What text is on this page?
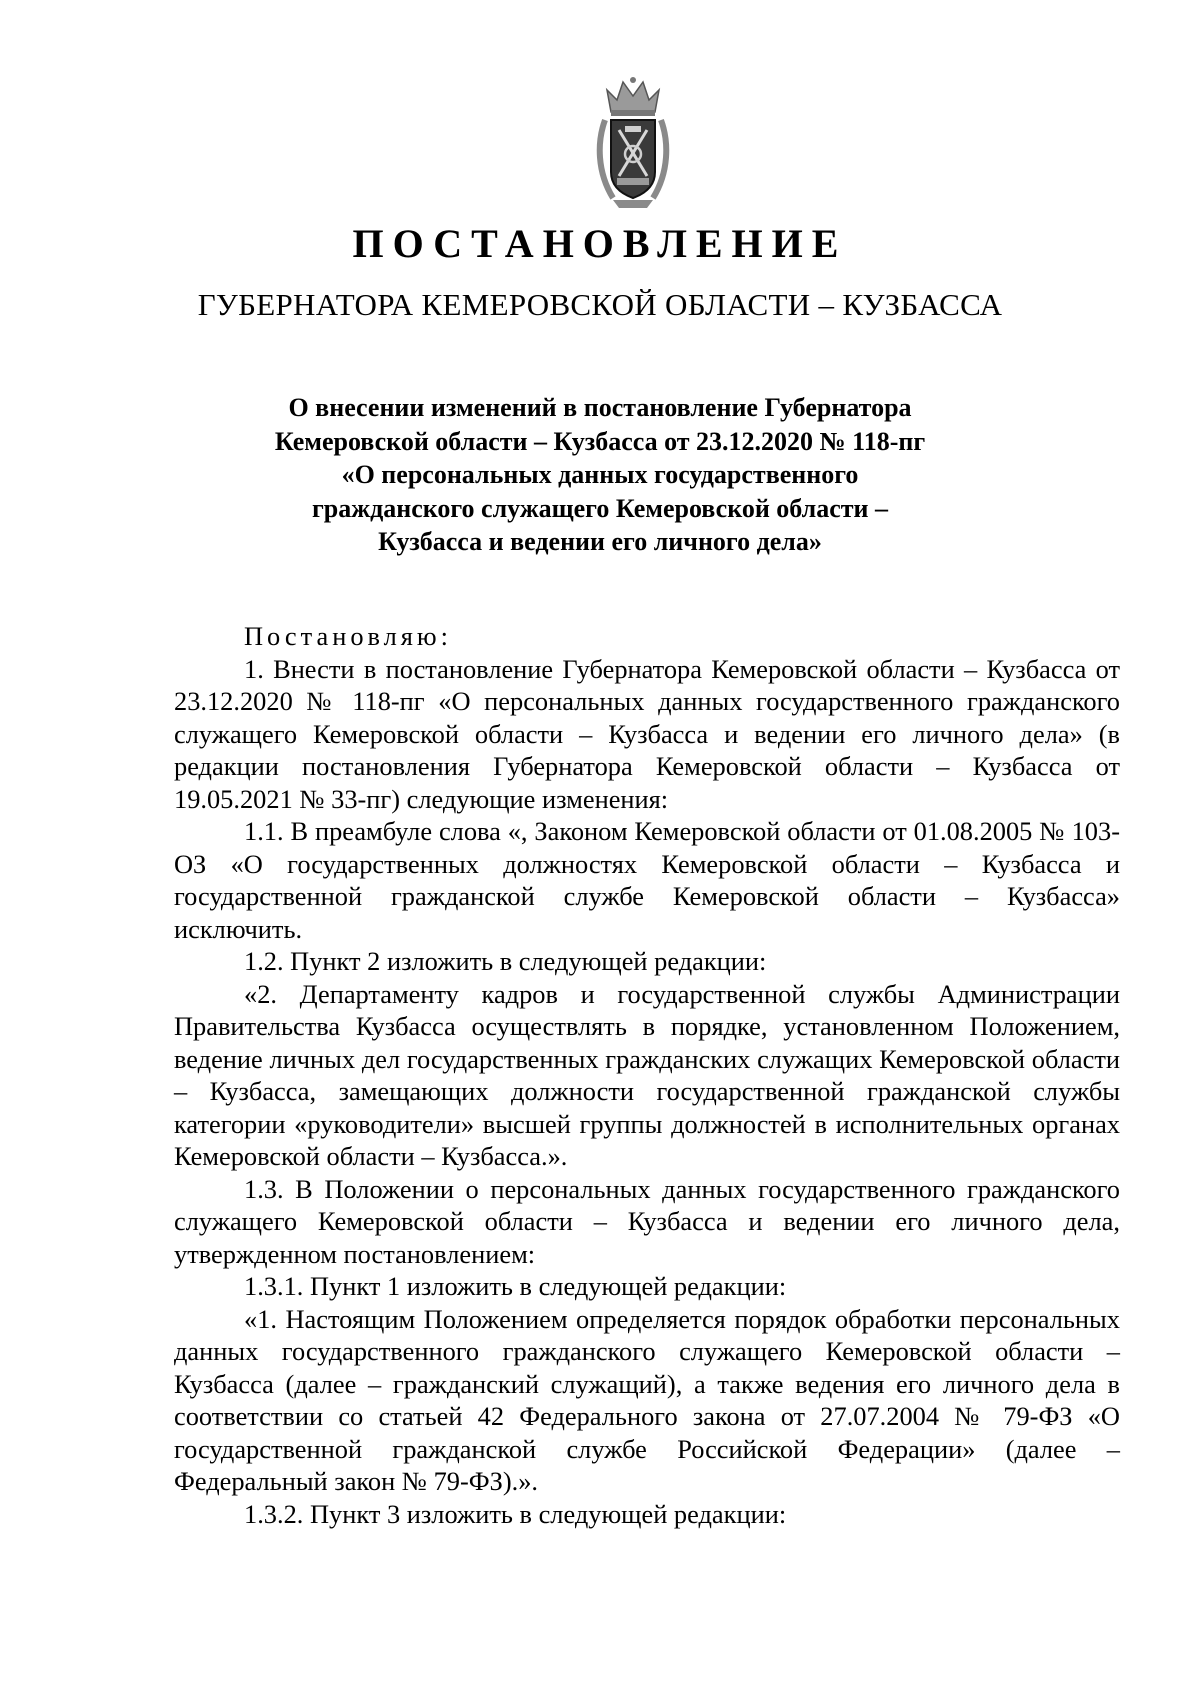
ПОСТАНОВЛЕНИЕ
ГУБЕРНАТОРА КЕМЕРОВСКОЙ ОБЛАСТИ – КУЗБАССА
О внесении изменений в постановление Губернатора
Кемеровской области – Кузбасса от 23.12.2020 № 118-пг
«О персональных данных государственного
гражданского служащего Кемеровской области –
Кузбасса и ведении его личного дела»

Постановляю:

1. Внести в постановление Губернатора Кемеровской области – Кузбасса от 23.12.2020 № 118-пг «О персональных данных государственного гражданского служащего Кемеровской области – Кузбасса и ведении его личного дела» (в редакции постановления Губернатора Кемеровской области – Кузбасса от 19.05.2021 № 33-пг) следующие изменения:

1.1. В преамбуле слова «, Законом Кемеровской области от 01.08.2005 № 103-ОЗ «О государственных должностях Кемеровской области – Кузбасса и государственной гражданской службе Кемеровской области – Кузбасса» исключить.

1.2. Пункт 2 изложить в следующей редакции:

«2. Департаменту кадров и государственной службы Администрации Правительства Кузбасса осуществлять в порядке, установленном Положением, ведение личных дел государственных гражданских служащих Кемеровской области – Кузбасса, замещающих должности государственной гражданской службы категории «руководители» высшей группы должностей в исполнительных органах Кемеровской области – Кузбасса.».

1.3. В Положении о персональных данных государственного гражданского служащего Кемеровской области – Кузбасса и ведении его личного дела, утвержденном постановлением:

1.3.1. Пункт 1 изложить в следующей редакции:

«1. Настоящим Положением определяется порядок обработки персональных данных государственного гражданского служащего Кемеровской области – Кузбасса (далее – гражданский служащий), а также ведения его личного дела в соответствии со статьей 42 Федерального закона от 27.07.2004 № 79-ФЗ «О государственной гражданской службе Российской Федерации» (далее – Федеральный закон № 79-ФЗ).».

1.3.2. Пункт 3 изложить в следующей редакции:
